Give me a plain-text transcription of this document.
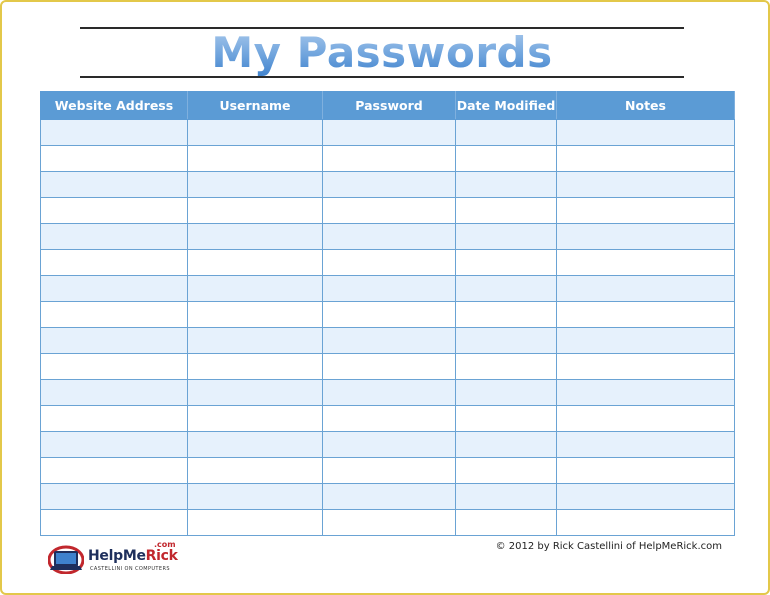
My Passwords
Website Address	Username	Password	Date Modified	Notes

.com
HelpMeRick
CASTELLINI ON COMPUTERS
© 2012 by Rick Castellini of HelpMeRick.com
